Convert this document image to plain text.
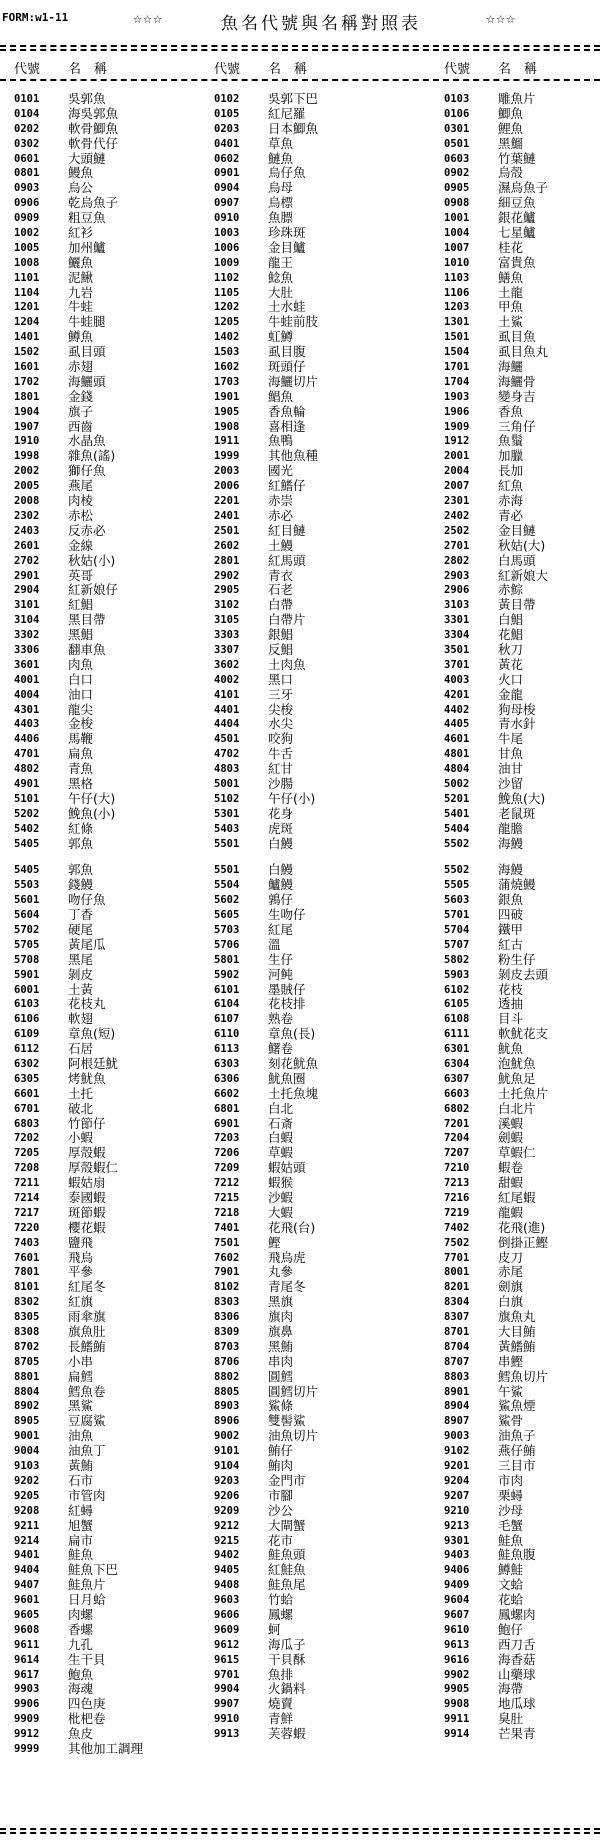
FORM:w1-11	☆☆☆	魚名代號與名稱對照表	☆☆☆
代號 名　稱	代號 名　稱	代號 名　稱
0101 吳郭魚	0102 吳郭下巴	0103 雕魚片
0104 海吳郭魚	0105 紅尼羅	0106 鯽魚
0202 軟骨鯽魚	0203 日本鯽魚	0301 鯉魚
0302 軟骨代仔	0401 草魚	0501 黑鰡
0601 大頭鰱	0602 鰱魚	0603 竹葉鰱
0801 鰻魚	0901 烏仔魚	0902 烏殼
0903 烏公	0904 烏母	0905 濕烏魚子
0906 乾烏魚子	0907 烏標	0908 細豆魚
0909 粗豆魚	0910 魚膘	1001 銀花鱸
1002 紅衫	1003 珍珠斑	1004 七星鱸
1005 加州鱸	1006 金目鱸	1007 桂花
1008 鱺魚	1009 龍王	1010 富貴魚
1101 泥鰍	1102 鯰魚	1103 鱔魚
1104 九岩	1105 大肚	1106 土龍
1201 牛蛙	1202 土水蛙	1203 甲魚
1204 牛蛙腿	1205 牛蛙前肢	1301 土鯊
1401 鱒魚	1402 虹鱒	1501 虱目魚
1502 虱目頭	1503 虱目腹	1504 虱目魚丸
1601 赤翅	1602 斑頭仔	1701 海鱺
1702 海鱺頭	1703 海鱺切片	1704 海鱺骨
1801 金錢	1901 鯧魚	1903 變身吉
1904 旗子	1905 香魚輪	1906 香魚
1907 西齒	1908 喜相逢	1909 三角仔
1910 水晶魚	1911 魚鴨	1912 魚鬚
1998 雜魚(謠)	1999 其他魚種	2001 加臘
2002 獅仔魚	2003 國光	2004 長加
2005 燕尾	2006 紅鰭仔	2007 紅魚
2008 肉棱	2201 赤崇	2301 赤海
2302 赤松	2401 赤必	2402 青必
2403 反赤必	2501 紅目鰱	2502 金目鰱
2601 金線	2602 土鰻	2701 秋姑(大)
2702 秋姑(小)	2801 紅馬頭	2802 白馬頭
2901 英哥	2902 青衣	2903 紅新娘大
2904 紅新娘仔	2905 石老	2906 赤鯮
3101 紅鯧	3102 白帶	3103 黃目帶
3104 黑目帶	3105 白帶片	3301 白鯧
3302 黑鯧	3303 銀鯧	3304 花鯧
3306 翻車魚	3307 反鯧	3501 秋刀
3601 肉魚	3602 土肉魚	3701 黃花
4001 白口	4002 黑口	4003 火口
4004 油口	4101 三牙	4201 金龍
4301 龍尖	4401 尖梭	4402 狗母梭
4403 金梭	4404 水尖	4405 青水針
4406 馬鞭	4501 咬狗	4601 牛尾
4701 扁魚	4702 牛舌	4801 甘魚
4802 青魚	4803 紅甘	4804 油甘
4901 黑格	5001 沙腸	5002 沙留
5101 午仔(大)	5102 午仔(小)	5201 鮸魚(大)
5202 鮸魚(小)	5301 花身	5401 老鼠斑
5402 紅條	5403 虎斑	5404 龍膽
5405 郭魚	5501 白鰻	5502 海鰻
5405 郭魚	5501 白鰻	5502 海鰻
5503 錢鰻	5504 鱸鰻	5505 蒲燒鰻
5601 吻仔魚	5602 鶉仔	5603 銀魚
5604 丁香	5605 生吻仔	5701 四破
5702 硬尾	5703 紅尾	5704 鐵甲
5705 黃尾瓜	5706 溫	5707 紅古
5708 黑尾	5801 生仔	5802 粉生仔
5901 剝皮	5902 河鲀	5903 剝皮去頭
6001 土黃	6101 墨賊仔	6102 花枝
6103 花枝丸	6104 花枝排	6105 透抽
6106 軟翅	6107 熟卷	6108 目斗
6109 章魚(短)	6110 章魚(長)	6111 軟魷花支
6112 石居	6113 鱰卷	6301 魷魚
6302 阿根廷魷	6303 刻花魷魚	6304 泡魷魚
6305 烤魷魚	6306 魷魚圈	6307 魷魚足
6601 土托	6602 土托魚塊	6603 土托魚片
6701 破北	6801 白北	6802 白北片
6803 竹節仔	6901 石斎	7201 溪蝦
7202 小蝦	7203 白蝦	7204 劍蝦
7205 厚殼蝦	7206 草蝦	7207 草蝦仁
7208 厚殼蝦仁	7209 蝦姑頭	7210 蝦卷
7211 蝦姑扇	7212 蝦猴	7213 甜蝦
7214 泰國蝦	7215 沙蝦	7216 紅尾蝦
7217 斑節蝦	7218 大蝦	7219 龍蝦
7220 櫻花蝦	7401 花飛(台)	7402 花飛(進)
7403 鹽飛	7501 鰹	7502 倒掛正鰹
7601 飛烏	7602 飛烏虎	7701 皮刀
7801 平參	7901 丸參	8001 赤尾
8101 紅尾冬	8102 青尾冬	8201 劍旗
8302 紅旗	8303 黑旗	8304 白旗
8305 雨傘旗	8306 旗肉	8307 旗魚丸
8308 旗魚肚	8309 旗鼻	8701 大目鮪
8702 長鰭鮪	8703 黑鮪	8704 黃鰭鮪
8705 小串	8706 串肉	8707 串鰹
8801 扁鱈	8802 圓鱈	8803 鱈魚切片
8804 鱈魚卷	8805 圓鱈切片	8901 午鯊
8902 黑鯊	8903 鯊條	8904 鯊魚煙
8905 豆腐鯊	8906 雙髻鯊	8907 鯊骨
9001 油魚	9002 油魚切片	9003 油魚子
9004 油魚丁	9101 鮪仔	9102 燕仔鮪
9103 黃鮪	9104 鮪肉	9201 三目市
9202 石市	9203 金門市	9204 市肉
9205 市管肉	9206 市腳	9207 栗蟳
9208 紅蟳	9209 沙公	9210 沙母
9211 旭蟹	9212 大閘蟹	9213 毛蟹
9214 扁市	9215 花市	9301 鮭魚
9401 鮭魚	9402 鮭魚頭	9403 鮭魚腹
9404 鮭魚下巴	9405 紅鮭魚	9406 鱒鮭
9407 鮭魚片	9408 鮭魚尾	9409 文蛤
9601 日月蛤	9603 竹蛤	9604 花蛤
9605 肉螺	9606 鳳螺	9607 鳳螺肉
9608 香螺	9609 蚵	9610 鮑仔
9611 九孔	9612 海瓜子	9613 西刀舌
9614 生干貝	9615 干貝酥	9616 海香菇
9617 鮑魚	9701 魚排	9902 山藥球
9903 海魂	9904 火鍋料	9905 海帶
9906 四色庚	9907 燒賣	9908 地瓜球
9909 枇杷卷	9910 青鮮	9911 臭肚
9912 魚皮	9913 芙蓉蝦	9914 芒果青
9999 其他加工調理
